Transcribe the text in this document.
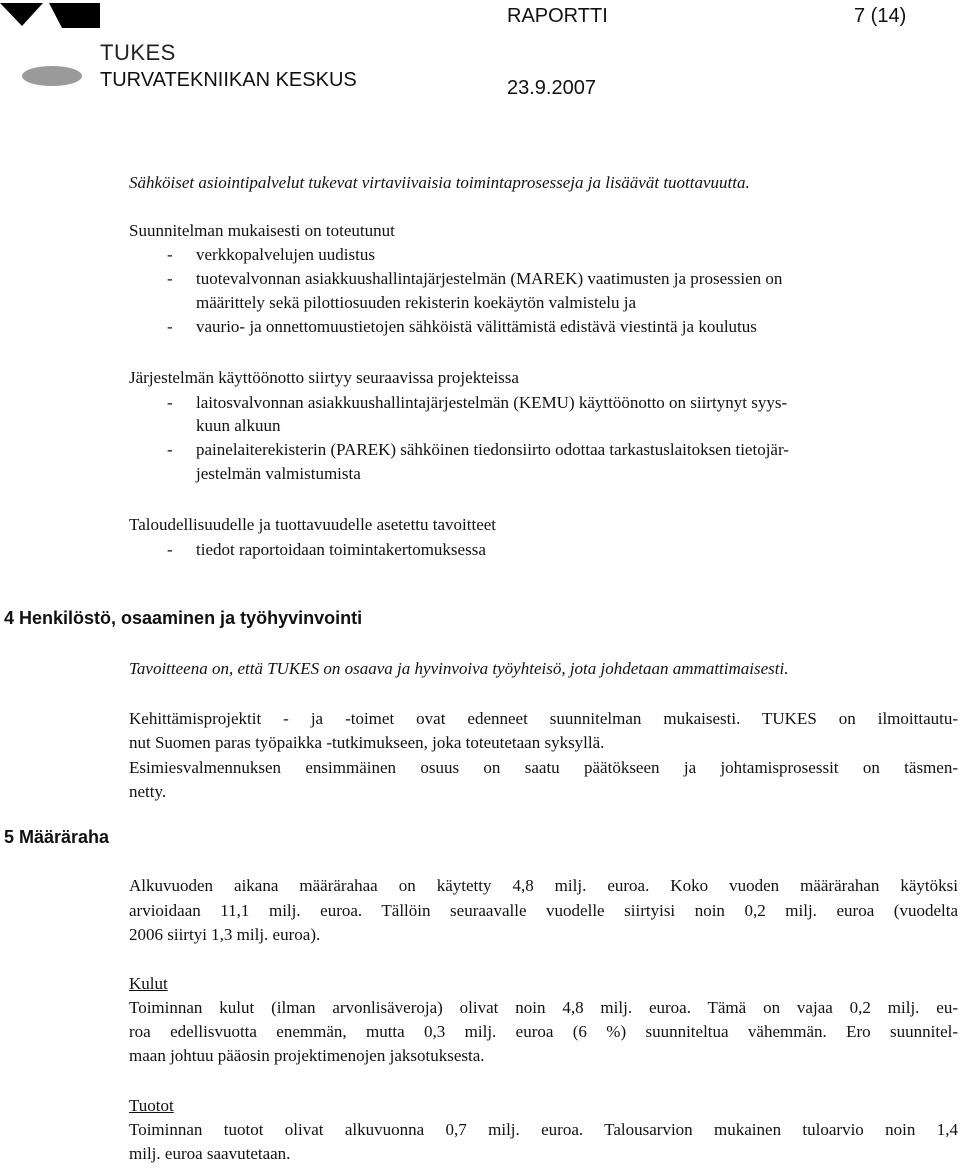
TUKES
TURVATEKNIIKAN KESKUS
RAPORTTI	7 (14)
23.9.2007
Sähköiset asiointipalvelut tukevat virtaviivaisia toimintaprosesseja ja lisäävät tuottavuutta.
Suunnitelman mukaisesti on toteutunut
- verkkopalvelujen uudistus
- tuotevalvonnan asiakkuushallintajärjestelmän (MAREK) vaatimusten ja prosessien on
määrittely sekä pilottiosuuden rekisterin koekäytön valmistelu ja
- vaurio- ja onnettomuustietojen sähköistä välittämistä edistävä viestintä ja koulutus
Järjestelmän käyttöönotto siirtyy seuraavissa projekteissa
- laitosvalvonnan asiakkuushallintajärjestelmän (KEMU) käyttöönotto on siirtynyt syys-
kuun alkuun
- painelaiterekisterin (PAREK) sähköinen tiedonsiirto odottaa tarkastuslaitoksen tietojär-
jestelmän valmistumista
Taloudellisuudelle ja tuottavuudelle asetettu tavoitteet
- tiedot raportoidaan toimintakertomuksessa
4 Henkilöstö, osaaminen ja työhyvinvointi
Tavoitteena on, että TUKES on osaava ja hyvinvoiva työyhteisö, jota johdetaan ammattimaisesti.
Kehittämisprojektit - ja -toimet ovat edenneet suunnitelman mukaisesti. TUKES on ilmoittautu-
nut Suomen paras työpaikka -tutkimukseen, joka toteutetaan syksyllä.
Esimiesvalmennuksen ensimmäinen osuus on saatu päätökseen ja johtamisprosessit on täsmen-
netty.
5 Määräraha
Alkuvuoden aikana määrärahaa on käytetty 4,8 milj. euroa. Koko vuoden määrärahan käytöksi
arvioidaan 11,1 milj. euroa. Tällöin seuraavalle vuodelle siirtyisi noin 0,2 milj. euroa (vuodelta
2006 siirtyi 1,3 milj. euroa).
Kulut
Toiminnan kulut (ilman arvonlisäveroja) olivat noin 4,8 milj. euroa. Tämä on vajaa 0,2 milj. eu-
roa edellisvuotta enemmän, mutta 0,3 milj. euroa (6 %) suunniteltua vähemmän. Ero suunnitel-
maan johtuu pääosin projektimenojen jaksotuksesta.
Tuotot
Toiminnan tuotot olivat alkuvuonna 0,7 milj. euroa. Talousarvion mukainen tuloarvio noin 1,4
milj. euroa saavutetaan.
